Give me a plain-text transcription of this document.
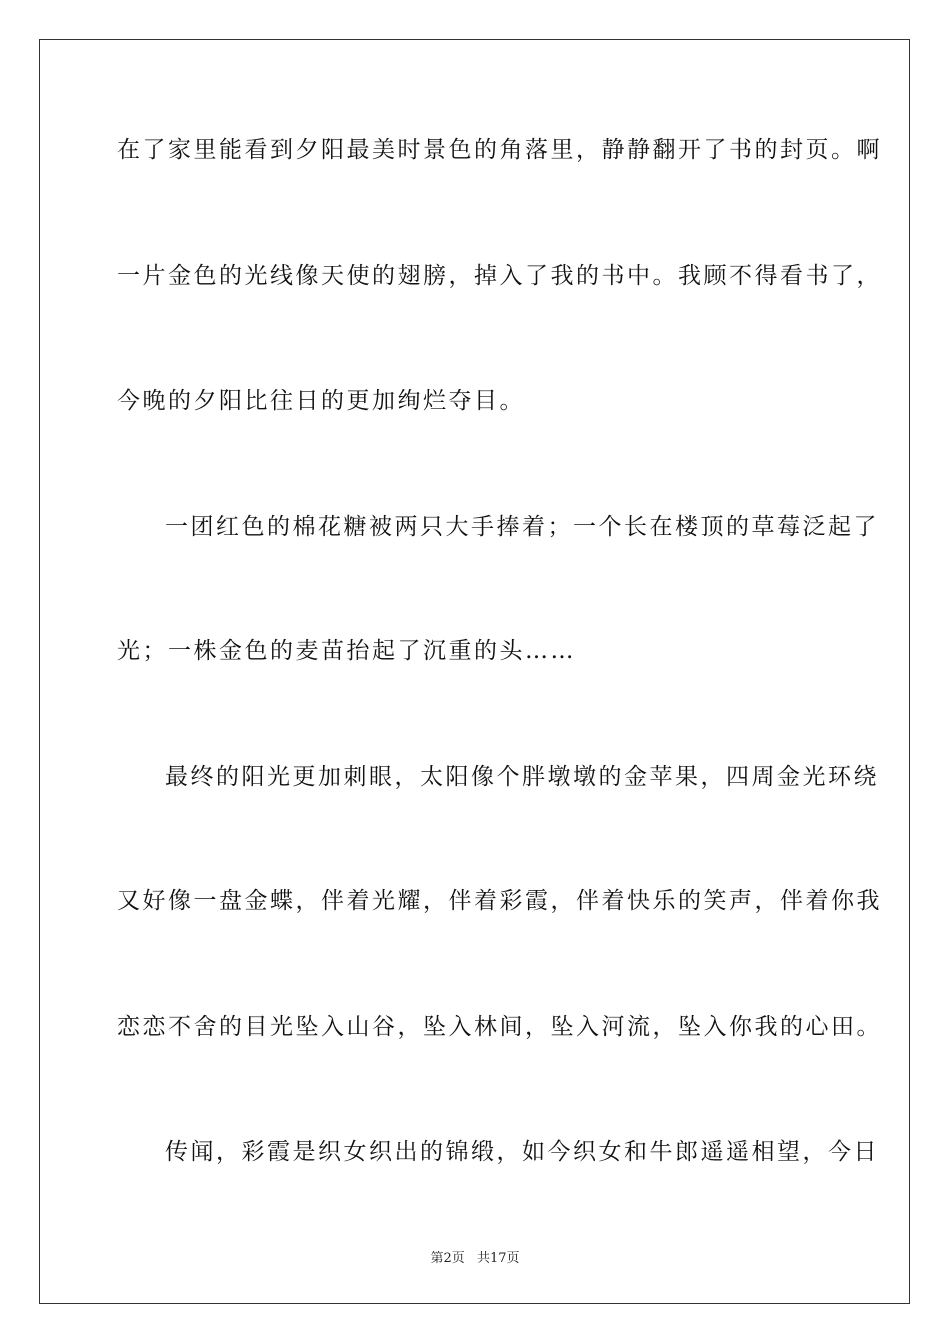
在了家里能看到夕阳最美时景色的角落里，静静翻开了书的封页。啊
一片金色的光线像天使的翅膀，掉入了我的书中。我顾不得看书了，
今晚的夕阳比往日的更加绚烂夺目。
一团红色的棉花糖被两只大手捧着；一个长在楼顶的草莓泛起了
光；一株金色的麦苗抬起了沉重的头……
最终的阳光更加刺眼，太阳像个胖墩墩的金苹果，四周金光环绕
又好像一盘金蝶，伴着光耀，伴着彩霞，伴着快乐的笑声，伴着你我
恋恋不舍的目光坠入山谷，坠入林间，坠入河流，坠入你我的心田。
传闻，彩霞是织女织出的锦缎，如今织女和牛郎遥遥相望，今日
第2页 共17页
